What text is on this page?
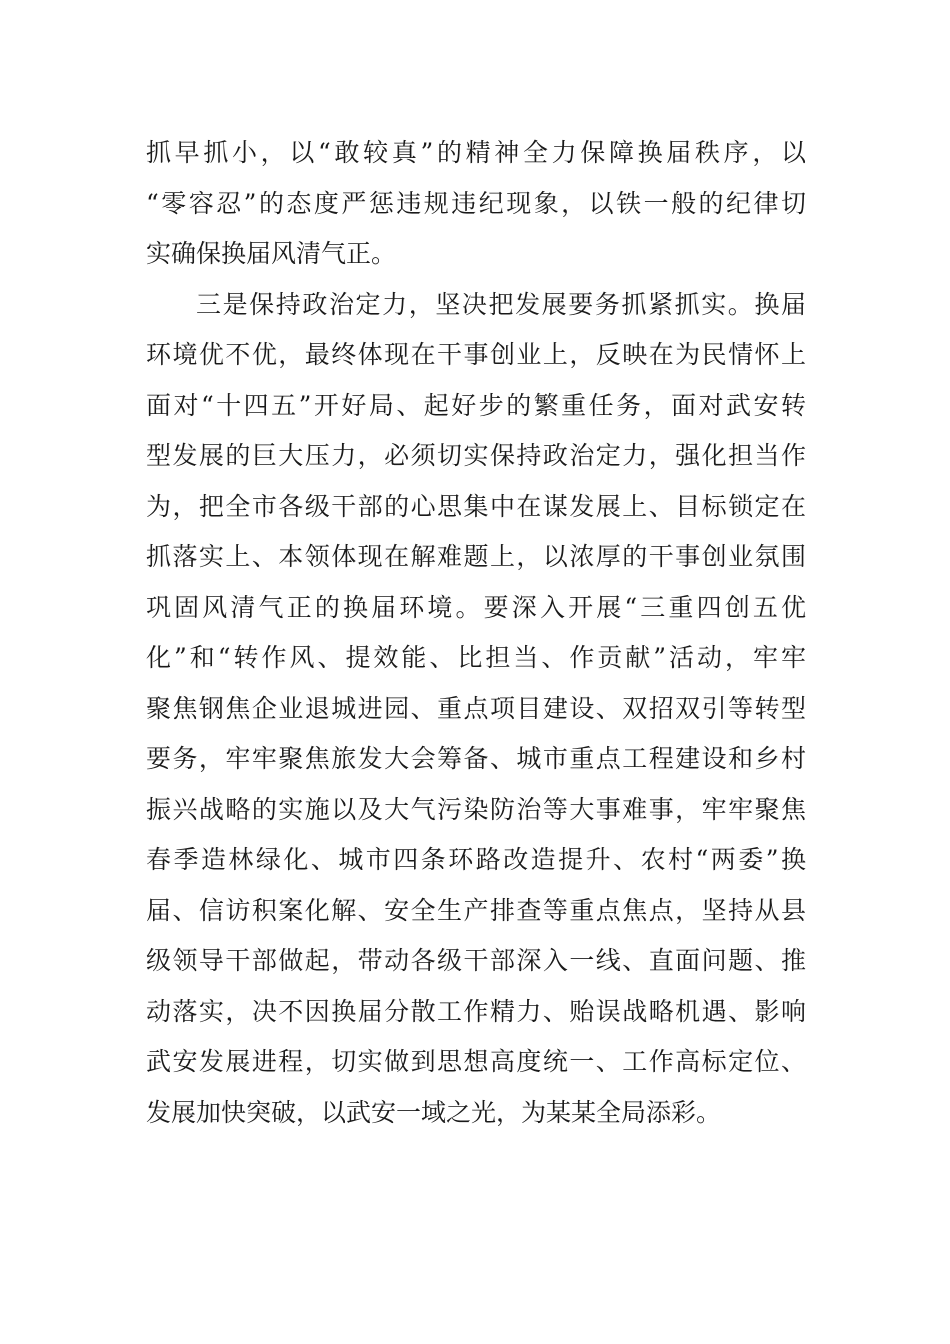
抓早抓小，以“敢较真”的精神全力保障换届秩序，以
“零容忍”的态度严惩违规违纪现象，以铁一般的纪律切
实确保换届风清气正。
三是保持政治定力，坚决把发展要务抓紧抓实。换届
环境优不优，最终体现在干事创业上，反映在为民情怀上
面对“十四五”开好局、起好步的繁重任务，面对武安转
型发展的巨大压力，必须切实保持政治定力，强化担当作
为，把全市各级干部的心思集中在谋发展上、目标锁定在
抓落实上、本领体现在解难题上，以浓厚的干事创业氛围
巩固风清气正的换届环境。要深入开展“三重四创五优
化”和“转作风、提效能、比担当、作贡献”活动，牢牢
聚焦钢焦企业退城进园、重点项目建设、双招双引等转型
要务，牢牢聚焦旅发大会筹备、城市重点工程建设和乡村
振兴战略的实施以及大气污染防治等大事难事，牢牢聚焦
春季造林绿化、城市四条环路改造提升、农村“两委”换
届、信访积案化解、安全生产排查等重点焦点，坚持从县
级领导干部做起，带动各级干部深入一线、直面问题、推
动落实，决不因换届分散工作精力、贻误战略机遇、影响
武安发展进程，切实做到思想高度统一、工作高标定位、
发展加快突破，以武安一域之光，为某某全局添彩。
